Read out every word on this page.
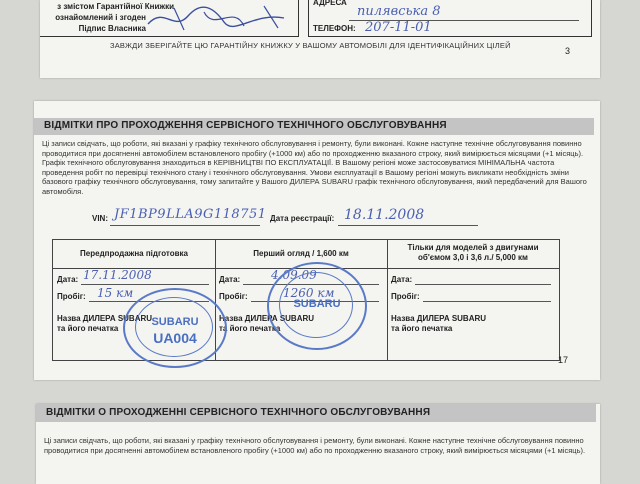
з змістом Гарантійної Книжки
ознайомлений і згоден
Підпис Власника
АДРЕСА
пилявська 8
ТЕЛЕФОН: 207-11-01
ЗАВЖДИ ЗБЕРІГАЙТЕ ЦЮ ГАРАНТІЙНУ КНИЖКУ У ВАШОМУ АВТОМОБІЛІ ДЛЯ ІДЕНТИФІКАЦІЙНИХ ЦІЛЕЙ
3
ВІДМІТКИ ПРО ПРОХОДЖЕННЯ СЕРВІСНОГО ТЕХНІЧНОГО ОБСЛУГОВУВАННЯ
Ці записи свідчать, що роботи, які вказані у графіку технічного обслуговування і ремонту, були виконані. Кожне наступне технічне обслуговування повинно проводитися при досягненні автомобілем встановленого пробігу (+1000 км) або по проходженню вказаного строку, який вимірюється місяцями (+1 місяць). Графік технічного обслуговування знаходиться в КЕРІВНИЦТВІ ПО ЕКСПЛУАТАЦІЇ. В Вашому регіоні може застосовуватися МІНІМАЛЬНА частота проведення робіт по перевірці технічного стану і технічного обслуговування. Умови експлуатації в Вашому регіоні можуть викликати необхідність зміни базового графіку технічного обслуговування, тому запитайте у Вашого ДИЛЕРА SUBARU графік технічного обслуговування, який передбачений для Вашого автомобіля.
VIN: JF1BP9LLA9G118751 Дата реєстрації: 18.11.2008
Передпродажна підготовка	Перший огляд / 1,600 км
Тільки для моделей з двигунами
об'ємом 3,0 і 3,6 л./ 5,000 км
Дата: 17.11.2008
Пробіг: 15 км
Назва ДИЛЕРА SUBARU
та його печатка
Дата:	4.09.09
Пробіг:	1260 км
Назва ДИЛЕРА SUBARU
та його печатка
Дата:
Пробіг:
Назва ДИЛЕРА SUBARU
та його печатка
SUBARU
UA004
SUBARU
17
ВІДМІТКИ О ПРОХОДЖЕННІ СЕРВІСНОГО ТЕХНІЧНОГО ОБСЛУГОВУВАННЯ
Ці записи свідчать, що роботи, які вказані у графіку технічного обслуговування і ремонту, були виконані. Кожне наступне технічне обслуговування повинно проводитися при досягненні автомобілем встановленого пробігу (+1000 км) або по проходженню вказаного строку, який вимірюється місяцями (+1 місяць).
